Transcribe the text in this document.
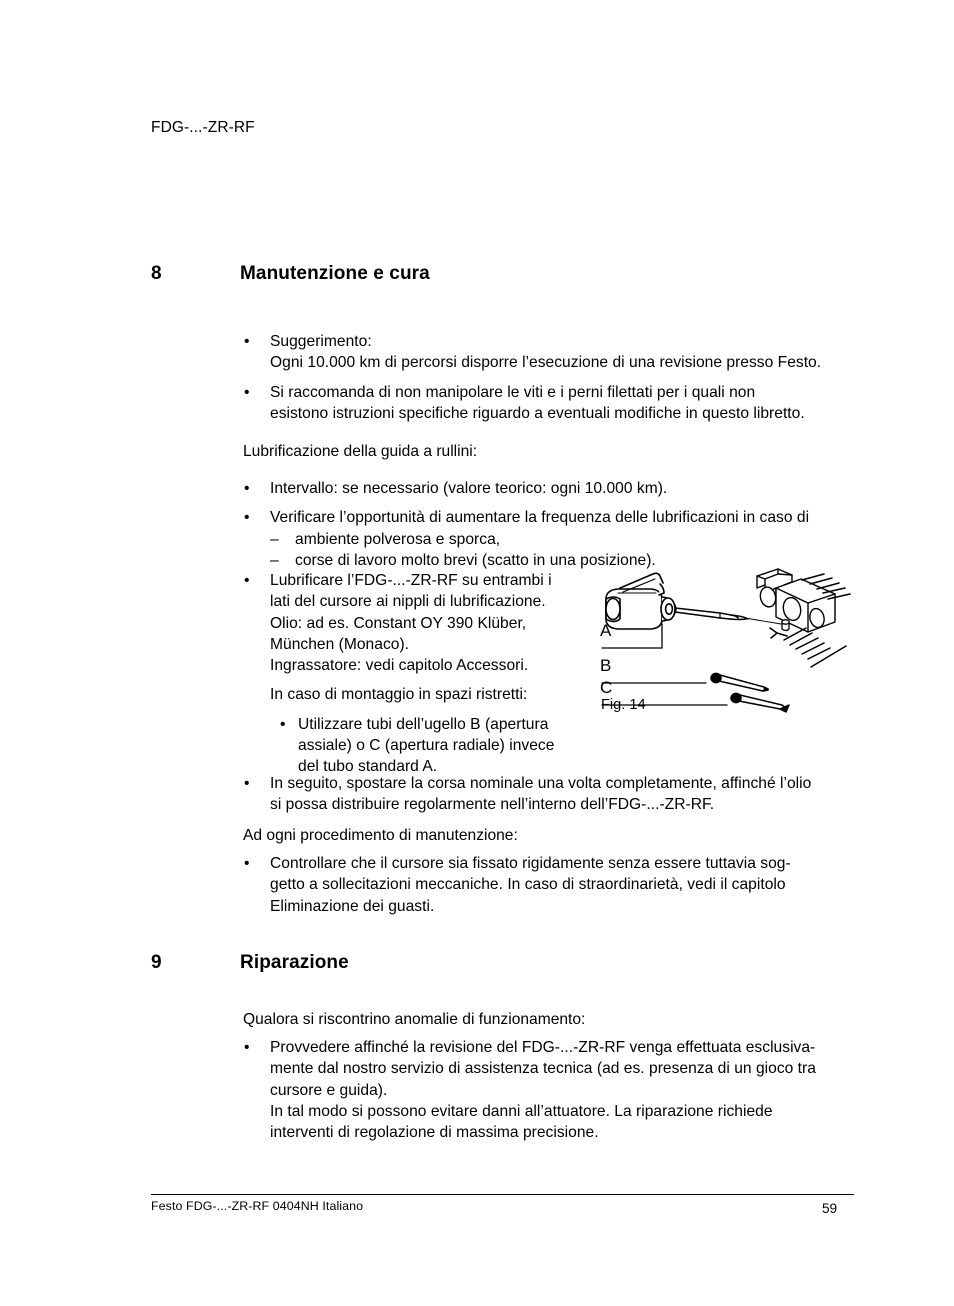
FDG-...-ZR-RF
8	Manutenzione e cura
• Suggerimento:
Ogni 10.000 km di percorsi disporre l’esecuzione di una revisione presso Festo.
• Si raccomanda di non manipolare le viti e i perni filettati per i quali non
esistono istruzioni specifiche riguardo a eventuali modifiche in questo libretto.
Lubrificazione della guida a rullini:
• Intervallo: se necessario (valore teorico: ogni 10.000 km).
• Verificare l’opportunità di aumentare la frequenza delle lubrificazioni in caso di
– ambiente polverosa e sporca,
– corse di lavoro molto brevi (scatto in una posizione).
• Lubrificare l’FDG-...-ZR-RF su entrambi i
lati del cursore ai nippli di lubrificazione.
Olio: ad es. Constant OY 390 Klüber,
München (Monaco).
Ingrassatore: vedi capitolo Accessori.
In caso di montaggio in spazi ristretti:
• Utilizzare tubi dell’ugello B (apertura
assiale) o C (apertura radiale) invece
del tubo standard A.
A
B
C
Fig. 14
• In seguito, spostare la corsa nominale una volta completamente, affinché l’olio
si possa distribuire regolarmente nell’interno dell’FDG-...-ZR-RF.
Ad ogni procedimento di manutenzione:
• Controllare che il cursore sia fissato rigidamente senza essere tuttavia sog-
getto a sollecitazioni meccaniche. In caso di straordinarietà, vedi il capitolo
Eliminazione dei guasti.
9	Riparazione
Qualora si riscontrino anomalie di funzionamento:
• Provvedere affinché la revisione del FDG-...-ZR-RF venga effettuata esclusiva-
mente dal nostro servizio di assistenza tecnica (ad es. presenza di un gioco tra
cursore e guida).
In tal modo si possono evitare danni all’attuatore. La riparazione richiede
interventi di regolazione di massima precisione.
Festo FDG-...-ZR-RF 0404NH Italiano	59
